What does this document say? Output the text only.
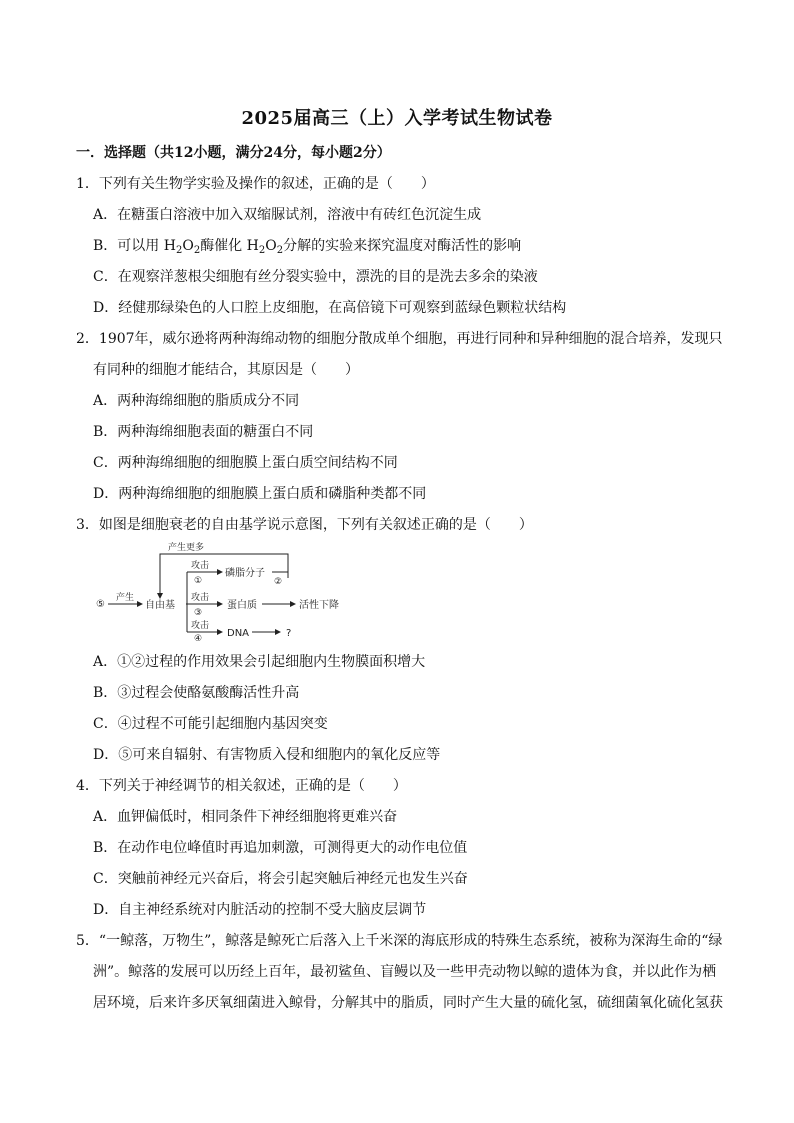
2025届高三（上）入学考试生物试卷
一．选择题（共12小题，满分24分，每小题2分）
1．下列有关生物学实验及操作的叙述，正确的是（　　）
A．在糖蛋白溶液中加入双缩脲试剂，溶液中有砖红色沉淀生成
B．可以用 $H_2O_2$酶催化 $H_2O_2$分解的实验来探究温度对酶活性的影响
C．在观察洋葱根尖细胞有丝分裂实验中，漂洗的目的是洗去多余的染液
D．经健那绿染色的人口腔上皮细胞，在高倍镜下可观察到蓝绿色颗粒状结构
2．1907年，威尔逊将两种海绵动物的细胞分散成单个细胞，再进行同种和异种细胞的混合培养，发现只
有同种的细胞才能结合，其原因是（　　）
A．两种海绵细胞的脂质成分不同
B．两种海绵细胞表面的糖蛋白不同
C．两种海绵细胞的细胞膜上蛋白质空间结构不同
D．两种海绵细胞的细胞膜上蛋白质和磷脂种类都不同
3．如图是细胞衰老的自由基学说示意图，下列有关叙述正确的是（　　）
产生更多
⑤
产生
自由基
攻击
①
磷脂分子
②
攻击
③
蛋白质	活性下降
攻击
④ DNA	?
A．①②过程的作用效果会引起细胞内生物膜面积增大
B．③过程会使酪氨酸酶活性升高
C．④过程不可能引起细胞内基因突变
D．⑤可来自辐射、有害物质入侵和细胞内的氧化反应等
4．下列关于神经调节的相关叙述，正确的是（　　）
A．血钾偏低时，相同条件下神经细胞将更难兴奋
B．在动作电位峰值时再追加刺激，可测得更大的动作电位值
C．突触前神经元兴奋后，将会引起突触后神经元也发生兴奋
D．自主神经系统对内脏活动的控制不受大脑皮层调节
5．“一鲸落，万物生”，鲸落是鲸死亡后落入上千米深的海底形成的特殊生态系统，被称为深海生命的“绿
洲”。鲸落的发展可以历经上百年，最初鲨鱼、盲鳗以及一些甲壳动物以鲸的遗体为食，并以此作为栖
居环境，后来许多厌氧细菌进入鲸骨，分解其中的脂质，同时产生大量的硫化氢，硫细菌氧化硫化氢获
